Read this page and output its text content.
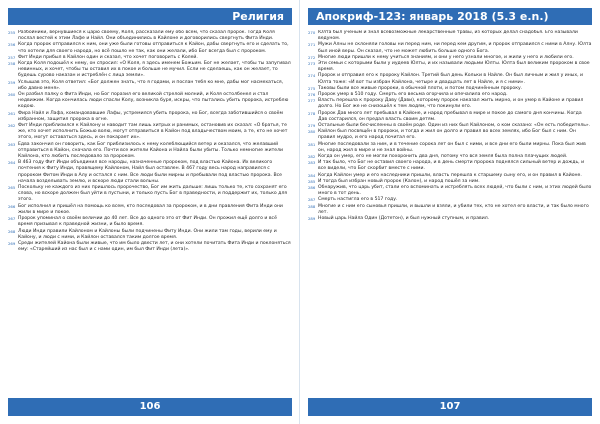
Религия
255 Разбойники, вернувшиеся к царю своему, Коля, рассказали ему обо всём, что сказал пророк. Тогда Коля послал вестей к этим Лафе и Найл. Они объединились в Кайлоне и договорились свергнуть Фита Инди.
256 Когда пророк отправился к ним, они уже были готовы отправиться к Кайон, дабы свергнуть его и сделать то, что хотели для своего народа, но всё пошло не так, как они желали, ибо Бог всегда был с пророком.
257 Фит Инди прибыл в Кайлон один и сказал, что хочет поговорить с Колей.
258 Когда Коля подошёл к нему, он спросил: «О Коля, я здесь именем Божьим. Бог не желает, чтобы ты запугивал невинных, и хочет, чтобы ты оставил их в покое и больше не мучил. Если не сделаешь, как он желает, то будешь сурово наказан и истреблён с лица земли».
259 Услышав это, Коля ответил: «Бог должен знать, что я годами, и послан тебя ко мне, дабы мог насмехаться, ибо давно меня».
260 Он разбил палку о Фита Инди, но Бог поразил его великой стрелой молний, и Коля остолбенел и стал недвижим. Когда кончилась люди спасли Колу, возникла буря, искры, что пытались убить пророка, истреблю кодою.
261 Фира Найл и Лафа, командовавшие Лафы, устремился убить пророка, но Бог, всегда заботившийся о своём избранном, защитил пророка в огне.
262 Фит Инди приблизился к Кайлону и наводит там лишь хитрых и ранимых, остановив их сказал: «О братья, те же, кто хочет исполнить Божью волю, могут отправиться в Кайон под владычеством моим, а те, кто не хочет этого, могут оставаться здесь, и он покарает их».
263 Едва закончил он говорить, как Бог приблизилось к нему колеблющийся ветер и оказался, что желавший отправиться в Кайон, сначала его. Почти все жители Кайона и Найла были убиты. Только немногие жители Кайлона, кто любить последовало за пророком.
264 В 463 году Фит Инди объединил все народы, назначенные пророком, под властью Кайона. Их великого почтения к Фиту Инди, правящему Кайлоном, Найл был оставлен. В 467 году весь народ направился с пророком Фитом Инди в Алу и остался с ним. Все люди были мирны и пребывали под властью пророка. Все начала возделывать землю, и вскоре люди стали вольны.
265 Поскольку не каждого из них пришлось пророчество, Бог им жить дальше: лишь только те, кто сохранят его слова, но вскоре должен был уйти в пустыни, и только пусть Бог в праведности, и поддержит их, только для этого.
266 Бог исполнил и пришёл на помощь ко всем, кто последовал за пророком, и в дни правления Фита Инди они жили в мире и покое.
267 Пророк упоминал о своём величии до 40 лет. Все до одного это от Фит Инди. Он прожил ещё долго и всё время призывал к праведной жизни, и было время.
268 Люди Инди правили Кайлоном и Кайлоны были подчинены Фиту Инди. Они жили там годы, верили ему и Кайону, и люди с ними, и Кайлон оставался таким долгое время.
269 Среди жителей Кайона были живые, что им было двести лет, и они хотели почитать Фита Инди и поклоняться ему: «Старейший из нас был и с нами один, им был Фит Инди (лета)».
106
Апокриф-123: январь 2018 (5.3 e.n.)
270 Юлта был учёным и знал всевозможные лекарственные травы, из которых делал снадобья. Его называли ведуном.
271 Мужи Алны не склоняли головы ни перед ним, ни перед кем другим, и пророк отправился с ними в Алну. Юлта был иной веры. Он сказал, что не может любить больше одного Бога.
272 Многие люди пришли к нему учиться знаниям, и они у него узнали многое, и жили у него и любили его.
273 Эти семьи с которыми были у иудеев Юлты, и их называли людьми Юлты. Юлта был великим пророком в свое время.
274 Пророк и отправил его к пророку Кайлон. Третий был день Кольки в Найле. Он был личным и жил у иных, и Юлта тоже: «И вот ты избран Кайлона, четыре и двадцать лет в Найле, и я с ними».
275 Таковы были все живые пророки, в обычной плоти, и потом подчинённым пророку.
276 Пророк умер в 510 году. Смерть его весьма огорчила и опечалила его народ.
277 Власть перешла к пророку Даву (Дави), которому пророк наказал жить мирно, и он умер в Кайоне и правил долго. Но Бог же не снизошёл к тем людям, что покинули его.
278 Пророк Дав много лет пребывал в Кайоне, и народ пребывал в мире и покое до самого дня кончины. Когда Дав состарился, он предал власть своим детям.
279 Остальные были бесчисленны в своём роде. Один из них был Кайлоном, о ком сказано: «Он есть победитель».
280 Кайлон был посвящён в пророки, и тогда и жил он долго и правил во всех землях, ибо Бог был с ним. Он правил мудро, и его народ почитал его.
281 Многие последовали за ним, и в течение сорока лет он был с ними, и все дни его были мирны. Пока был жив он, народ жил в мире и не знал войны.
282 Когда он умер, его не могли похоронить два дня, потому что вся земля была полна плачущих людей.
283 И так было, что Бог не оставил своего народа, и в день смерти пророка поднялся сильный ветер и дождь, и все видели, что Бог скорбит вместе с ними.
284 Когда Кайлон умер и его наследники пришли, власть перешла к старшему сыну его, и он правил в Кайоне.
285 И тогда был избран новый пророк (Калон), и народ пошёл за ним.
286 Обнаружив, что царь убит, стали его вспоминать и истреблять всех людей, что были с ним, и этих людей было много в тот день.
287 Смерть настигла его в 517 году.
288 Многие и с ним его сыновья пришли, и вышли и взяли, и убили тех, кто не хотел его власти, и так было много лет.
289 Новый царь Найла Один (Дотетон), и был нужный ступным, и правил.
107
